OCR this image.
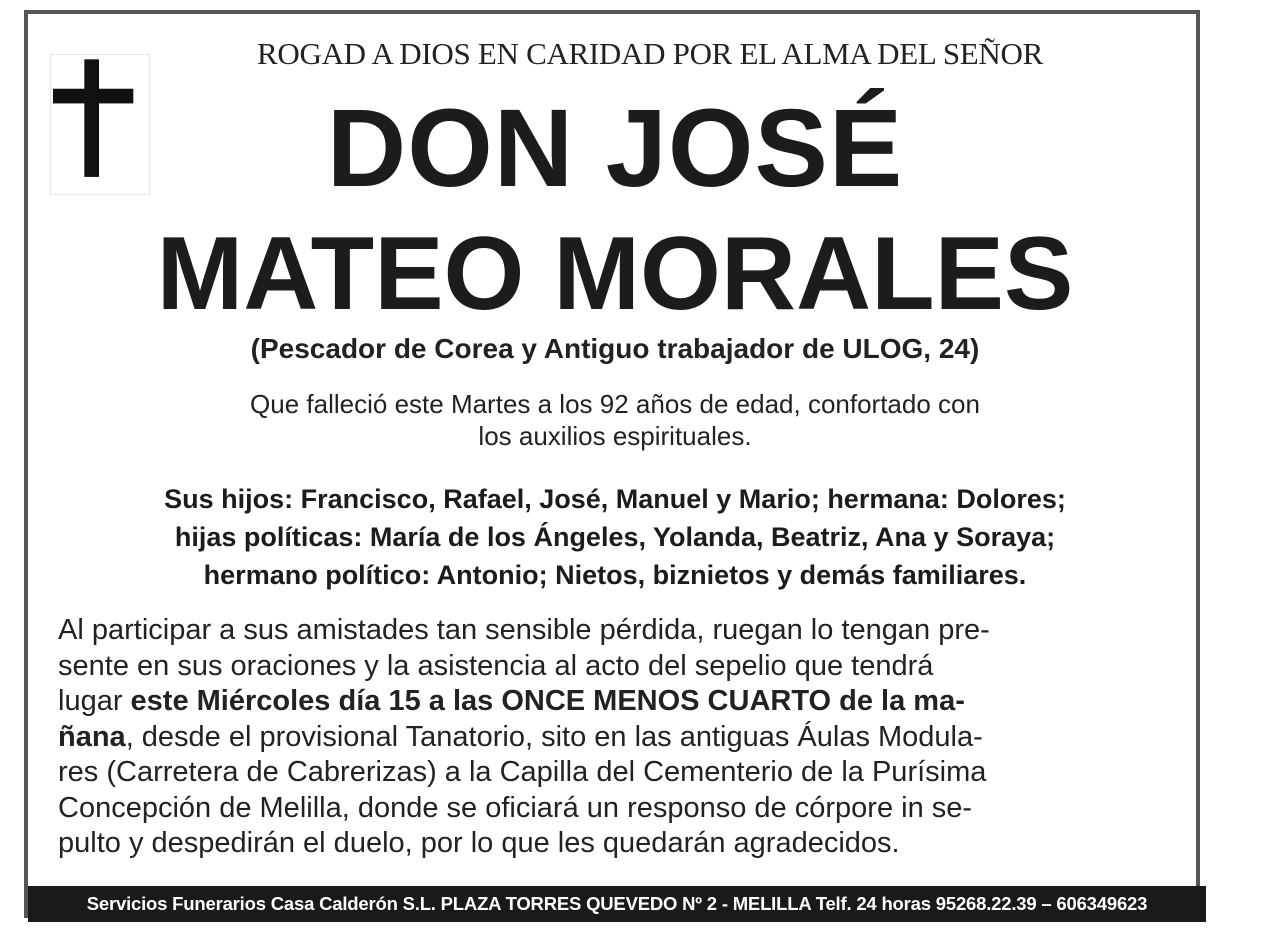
ROGAD A DIOS EN CARIDAD POR EL ALMA DEL SEÑOR
DON JOSÉ
MATEO MORALES
(Pescador de Corea y Antiguo trabajador de ULOG, 24)
Que falleció este Martes a los 92 años de edad, confortado con
los auxilios espirituales.
Sus hijos: Francisco, Rafael, José, Manuel y Mario; hermana: Dolores;
hijas políticas: María de los Ángeles, Yolanda, Beatriz, Ana y Soraya;
hermano político: Antonio; Nietos, biznietos y demás familiares.
Al participar a sus amistades tan sensible pérdida, ruegan lo tengan pre-
sente en sus oraciones y la asistencia al acto del sepelio que tendrá
lugar este Miércoles día 15 a las ONCE MENOS CUARTO de la ma-
ñana, desde el provisional Tanatorio, sito en las antiguas Áulas Modula-
res (Carretera de Cabrerizas) a la Capilla del Cementerio de la Purísima
Concepción de Melilla, donde se oficiará un responso de córpore in se-
pulto y despedirán el duelo, por lo que les quedarán agradecidos.
Servicios Funerarios Casa Calderón S.L. PLAZA TORRES QUEVEDO Nº 2 - MELILLA Telf. 24 horas 95268.22.39 – 606349623
